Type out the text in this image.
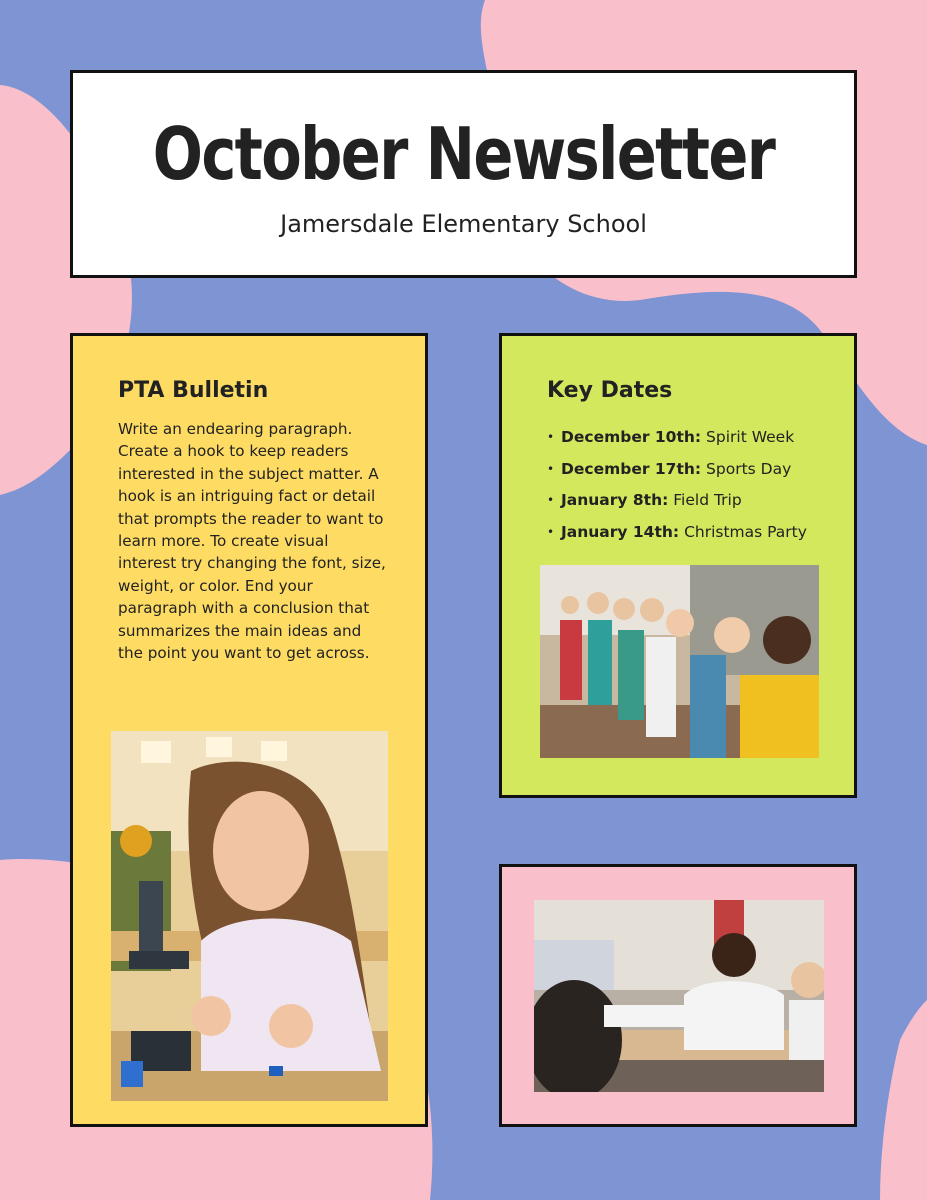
October Newsletter
Jamersdale Elementary School
PTA Bulletin

Write an endearing paragraph. Create a hook to keep readers interested in the subject matter. A hook is an intriguing fact or detail that prompts the reader to want to learn more. To create visual interest try changing the font, size, weight, or color. End your paragraph with a conclusion that summarizes the main ideas and the point you want to get across.

Key Dates
• December 10th: Spirit Week
• December 17th: Sports Day
• January 8th: Field Trip
• January 14th: Christmas Party
